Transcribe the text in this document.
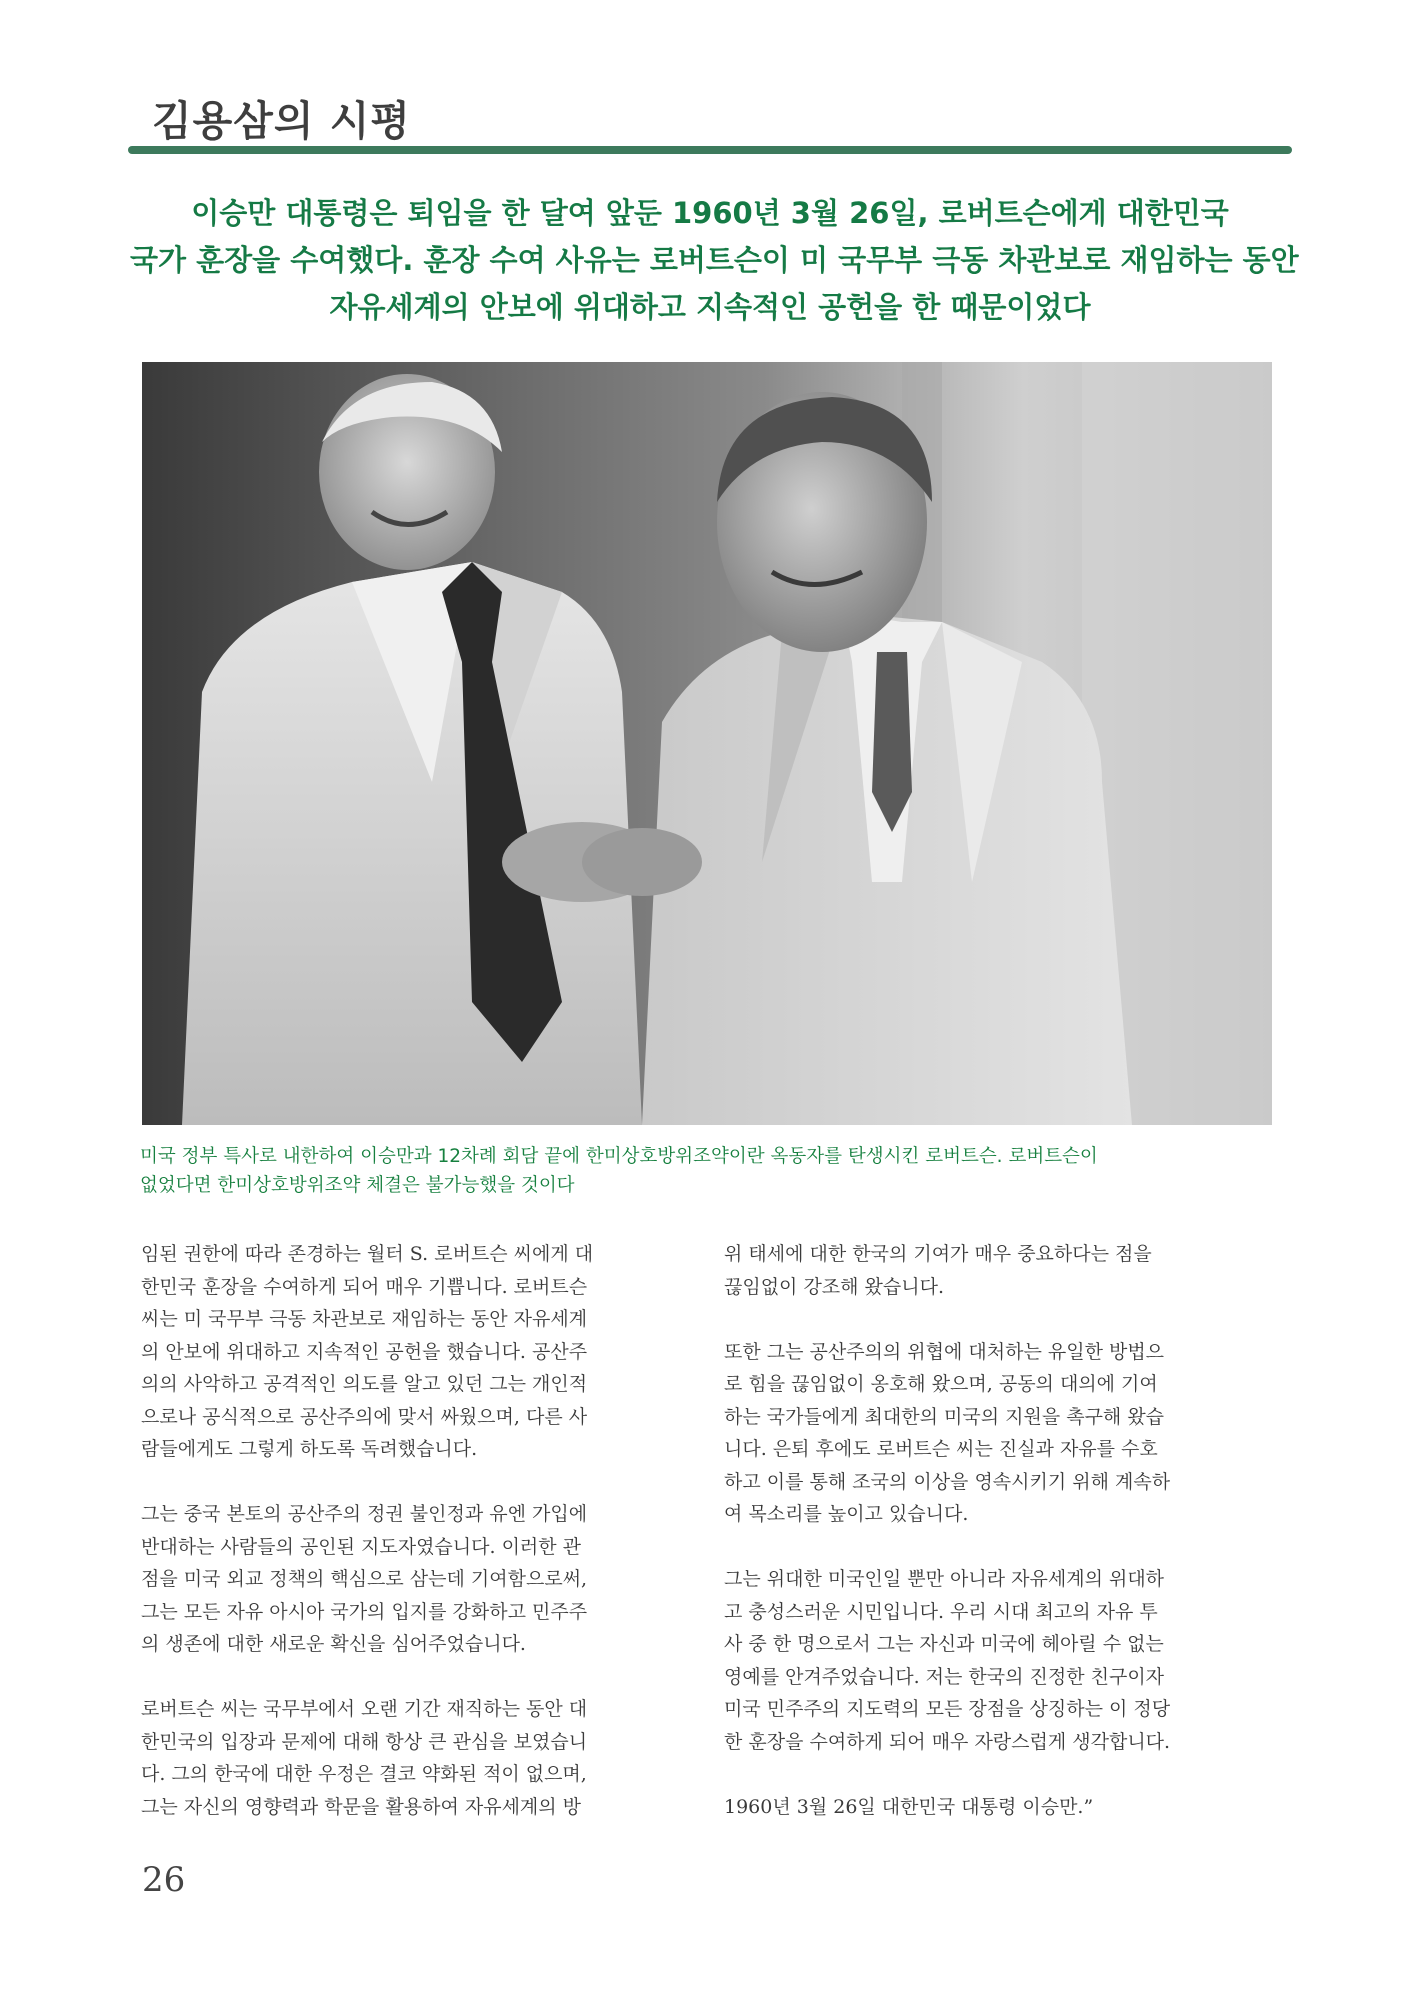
김용삼의 시평
이승만 대통령은 퇴임을 한 달여 앞둔 1960년 3월 26일, 로버트슨에게 대한민국
국가 훈장을 수여했다. 훈장 수여 사유는 로버트슨이 미 국무부 극동 차관보로 재임하는 동안
자유세계의 안보에 위대하고 지속적인 공헌을 한 때문이었다
미국 정부 특사로 내한하여 이승만과 12차례 회담 끝에 한미상호방위조약이란 옥동자를 탄생시킨 로버트슨. 로버트슨이
없었다면 한미상호방위조약 체결은 불가능했을 것이다
임된 권한에 따라 존경하는 월터 S. 로버트슨 씨에게 대
한민국 훈장을 수여하게 되어 매우 기쁩니다. 로버트슨
씨는 미 국무부 극동 차관보로 재임하는 동안 자유세계
의 안보에 위대하고 지속적인 공헌을 했습니다. 공산주
의의 사악하고 공격적인 의도를 알고 있던 그는 개인적
으로나 공식적으로 공산주의에 맞서 싸웠으며, 다른 사
람들에게도 그렇게 하도록 독려했습니다.
그는 중국 본토의 공산주의 정권 불인정과 유엔 가입에
반대하는 사람들의 공인된 지도자였습니다. 이러한 관
점을 미국 외교 정책의 핵심으로 삼는데 기여함으로써,
그는 모든 자유 아시아 국가의 입지를 강화하고 민주주
의 생존에 대한 새로운 확신을 심어주었습니다.
로버트슨 씨는 국무부에서 오랜 기간 재직하는 동안 대
한민국의 입장과 문제에 대해 항상 큰 관심을 보였습니
다. 그의 한국에 대한 우정은 결코 약화된 적이 없으며,
그는 자신의 영향력과 학문을 활용하여 자유세계의 방
위 태세에 대한 한국의 기여가 매우 중요하다는 점을
끊임없이 강조해 왔습니다.
또한 그는 공산주의의 위협에 대처하는 유일한 방법으
로 힘을 끊임없이 옹호해 왔으며, 공동의 대의에 기여
하는 국가들에게 최대한의 미국의 지원을 촉구해 왔습
니다. 은퇴 후에도 로버트슨 씨는 진실과 자유를 수호
하고 이를 통해 조국의 이상을 영속시키기 위해 계속하
여 목소리를 높이고 있습니다.
그는 위대한 미국인일 뿐만 아니라 자유세계의 위대하
고 충성스러운 시민입니다. 우리 시대 최고의 자유 투
사 중 한 명으로서 그는 자신과 미국에 헤아릴 수 없는
영예를 안겨주었습니다. 저는 한국의 진정한 친구이자
미국 민주주의 지도력의 모든 장점을 상징하는 이 정당
한 훈장을 수여하게 되어 매우 자랑스럽게 생각합니다.
1960년 3월 26일 대한민국 대통령 이승만.”
26
